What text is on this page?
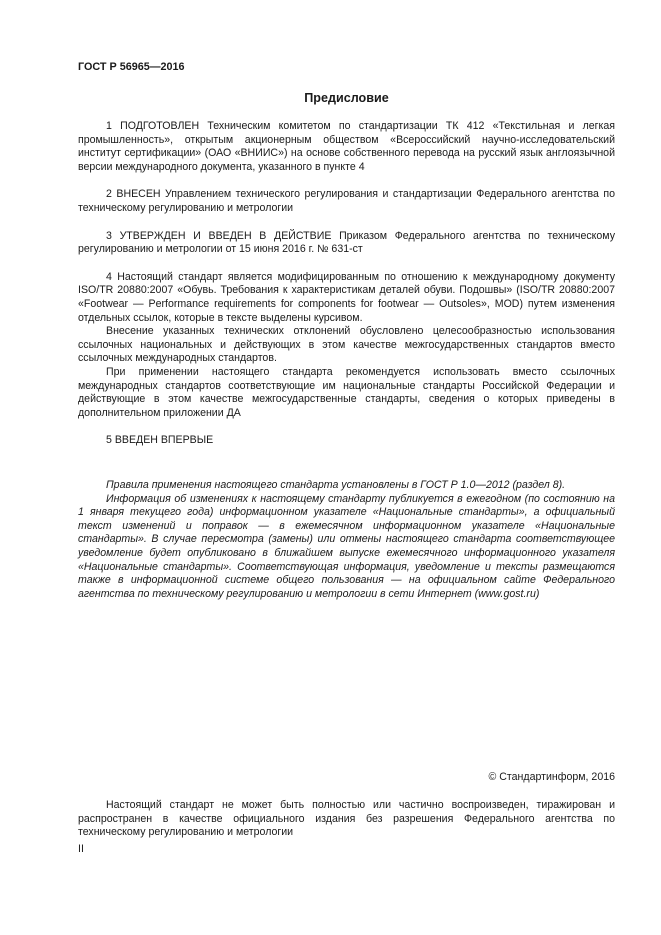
ГОСТ Р 56965—2016
Предисловие

1 ПОДГОТОВЛЕН Техническим комитетом по стандартизации ТК 412 «Текстильная и легкая промышленность», открытым акционерным обществом «Всероссийский научно-исследовательский институт сертификации» (ОАО «ВНИИС») на основе собственного перевода на русский язык англоязычной версии международного документа, указанного в пункте 4

2 ВНЕСЕН Управлением технического регулирования и стандартизации Федерального агентства по техническому регулированию и метрологии

3 УТВЕРЖДЕН И ВВЕДЕН В ДЕЙСТВИЕ Приказом Федерального агентства по техническому регулированию и метрологии от 15 июня 2016 г. № 631-ст

4 Настоящий стандарт является модифицированным по отношению к международному документу ISO/TR 20880:2007 «Обувь. Требования к характеристикам деталей обуви. Подошвы» (ISO/TR 20880:2007 «Footwear — Performance requirements for components for footwear — Outsoles», MOD) путем изменения отдельных ссылок, которые в тексте выделены курсивом.

Внесение указанных технических отклонений обусловлено целесообразностью использования ссылочных национальных и действующих в этом качестве межгосударственных стандартов вместо ссылочных международных стандартов.

При применении настоящего стандарта рекомендуется использовать вместо ссылочных международных стандартов соответствующие им национальные стандарты Российской Федерации и действующие в этом качестве межгосударственные стандарты, сведения о которых приведены в дополнительном приложении ДА

5 ВВЕДЕН ВПЕРВЫЕ

Правила применения настоящего стандарта установлены в ГОСТ Р 1.0—2012 (раздел 8).

Информация об изменениях к настоящему стандарту публикуется в ежегодном (по состоянию на 1 января текущего года) информационном указателе «Национальные стандарты», а официальный текст изменений и поправок — в ежемесячном информационном указателе «Национальные стандарты». В случае пересмотра (замены) или отмены настоящего стандарта соответствующее уведомление будет опубликовано в ближайшем выпуске ежемесячного информационного указателя «Национальные стандарты». Соответствующая информация, уведомление и тексты размещаются также в информационной системе общего пользования — на официальном сайте Федерального агентства по техническому регулированию и метрологии в сети Интернет (www.gost.ru)

© Стандартинформ, 2016

Настоящий стандарт не может быть полностью или частично воспроизведен, тиражирован и распространен в качестве официального издания без разрешения Федерального агентства по техническому регулированию и метрологии

II
